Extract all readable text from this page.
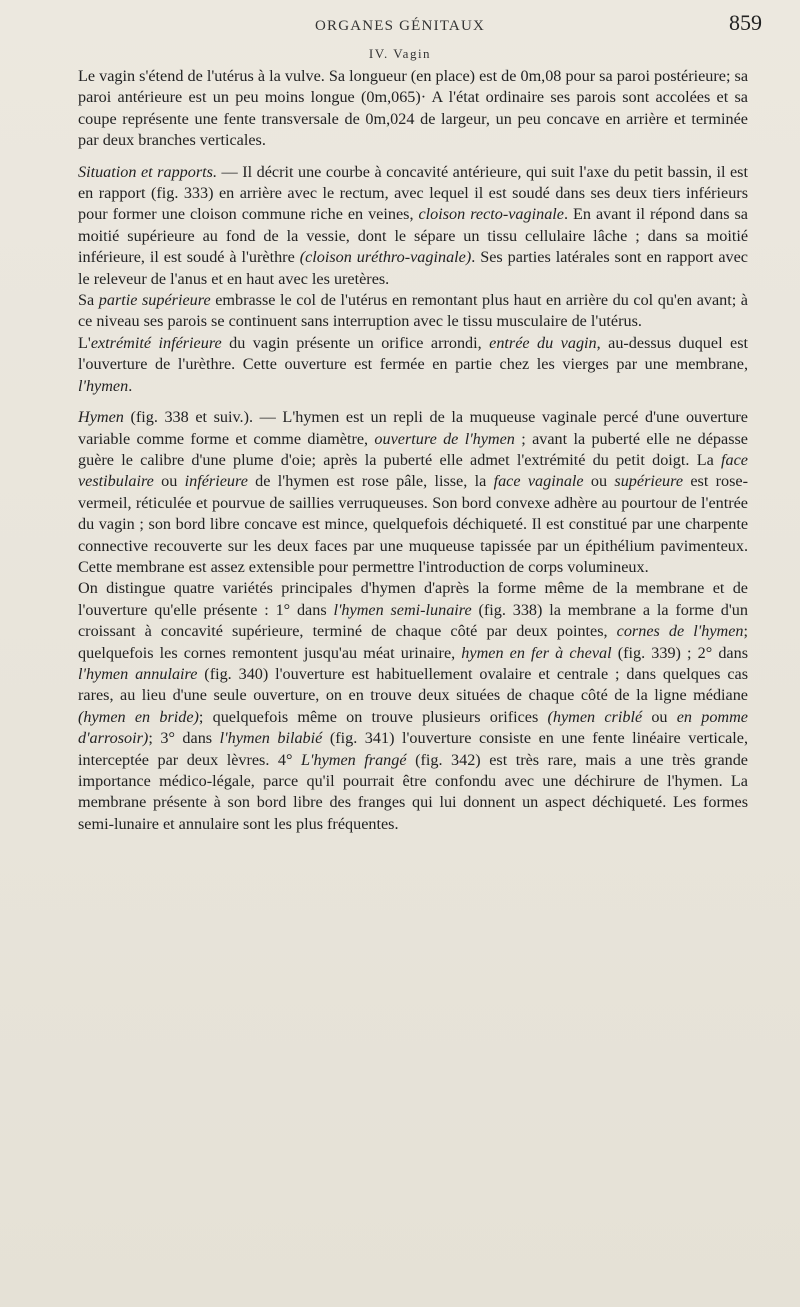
ORGANES GÉNITAUX	859
IV. Vagin

Le vagin s'étend de l'utérus à la vulve. Sa longueur (en place) est de 0m,08 pour sa paroi postérieure; sa paroi antérieure est un peu moins longue (0m,065)· A l'état ordinaire ses parois sont accolées et sa coupe représente une fente transversale de 0m,024 de largeur, un peu concave en arrière et terminée par deux branches verticales.

Situation et rapports. — Il décrit une courbe à concavité antérieure, qui suit l'axe du petit bassin, il est en rapport (fig. 333) en arrière avec le rectum, avec lequel il est soudé dans ses deux tiers inférieurs pour former une cloison commune riche en veines, cloison recto-vaginale. En avant il répond dans sa moitié supérieure au fond de la vessie, dont le sépare un tissu cellulaire lâche ; dans sa moitié inférieure, il est soudé à l'urèthre (cloison uréthro-vaginale). Ses parties latérales sont en rapport avec le releveur de l'anus et en haut avec les uretères.

Sa partie supérieure embrasse le col de l'utérus en remontant plus haut en arrière du col qu'en avant; à ce niveau ses parois se continuent sans interruption avec le tissu musculaire de l'utérus.

L'extrémité inférieure du vagin présente un orifice arrondi, entrée du vagin, au-dessus duquel est l'ouverture de l'urèthre. Cette ouverture est fermée en partie chez les vierges par une membrane, l'hymen.

Hymen (fig. 338 et suiv.). — L'hymen est un repli de la muqueuse vaginale percé d'une ouverture variable comme forme et comme diamètre, ouverture de l'hymen ; avant la puberté elle ne dépasse guère le calibre d'une plume d'oie; après la puberté elle admet l'extrémité du petit doigt. La face vestibulaire ou inférieure de l'hymen est rose pâle, lisse, la face vaginale ou supérieure est rose-vermeil, réticulée et pourvue de saillies verruqueuses. Son bord convexe adhère au pourtour de l'entrée du vagin ; son bord libre concave est mince, quelquefois déchiqueté. Il est constitué par une charpente connective recouverte sur les deux faces par une muqueuse tapissée par un épithélium pavimenteux. Cette membrane est assez extensible pour permettre l'introduction de corps volumineux.

On distingue quatre variétés principales d'hymen d'après la forme même de la membrane et de l'ouverture qu'elle présente : 1° dans l'hymen semi-lunaire (fig. 338) la membrane a la forme d'un croissant à concavité supérieure, terminé de chaque côté par deux pointes, cornes de l'hymen; quelquefois les cornes remontent jusqu'au méat urinaire, hymen en fer à cheval (fig. 339) ; 2° dans l'hymen annulaire (fig. 340) l'ouverture est habituellement ovalaire et centrale ; dans quelques cas rares, au lieu d'une seule ouverture, on en trouve deux situées de chaque côté de la ligne médiane (hymen en bride); quelquefois même on trouve plusieurs orifices (hymen criblé ou en pomme d'arrosoir); 3° dans l'hymen bilabié (fig. 341) l'ouverture consiste en une fente linéaire verticale, interceptée par deux lèvres. 4° L'hymen frangé (fig. 342) est très rare, mais a une très grande importance médico-légale, parce qu'il pourrait être confondu avec une déchirure de l'hymen. La membrane présente à son bord libre des franges qui lui donnent un aspect déchiqueté. Les formes semi-lunaire et annulaire sont les plus fréquentes.
